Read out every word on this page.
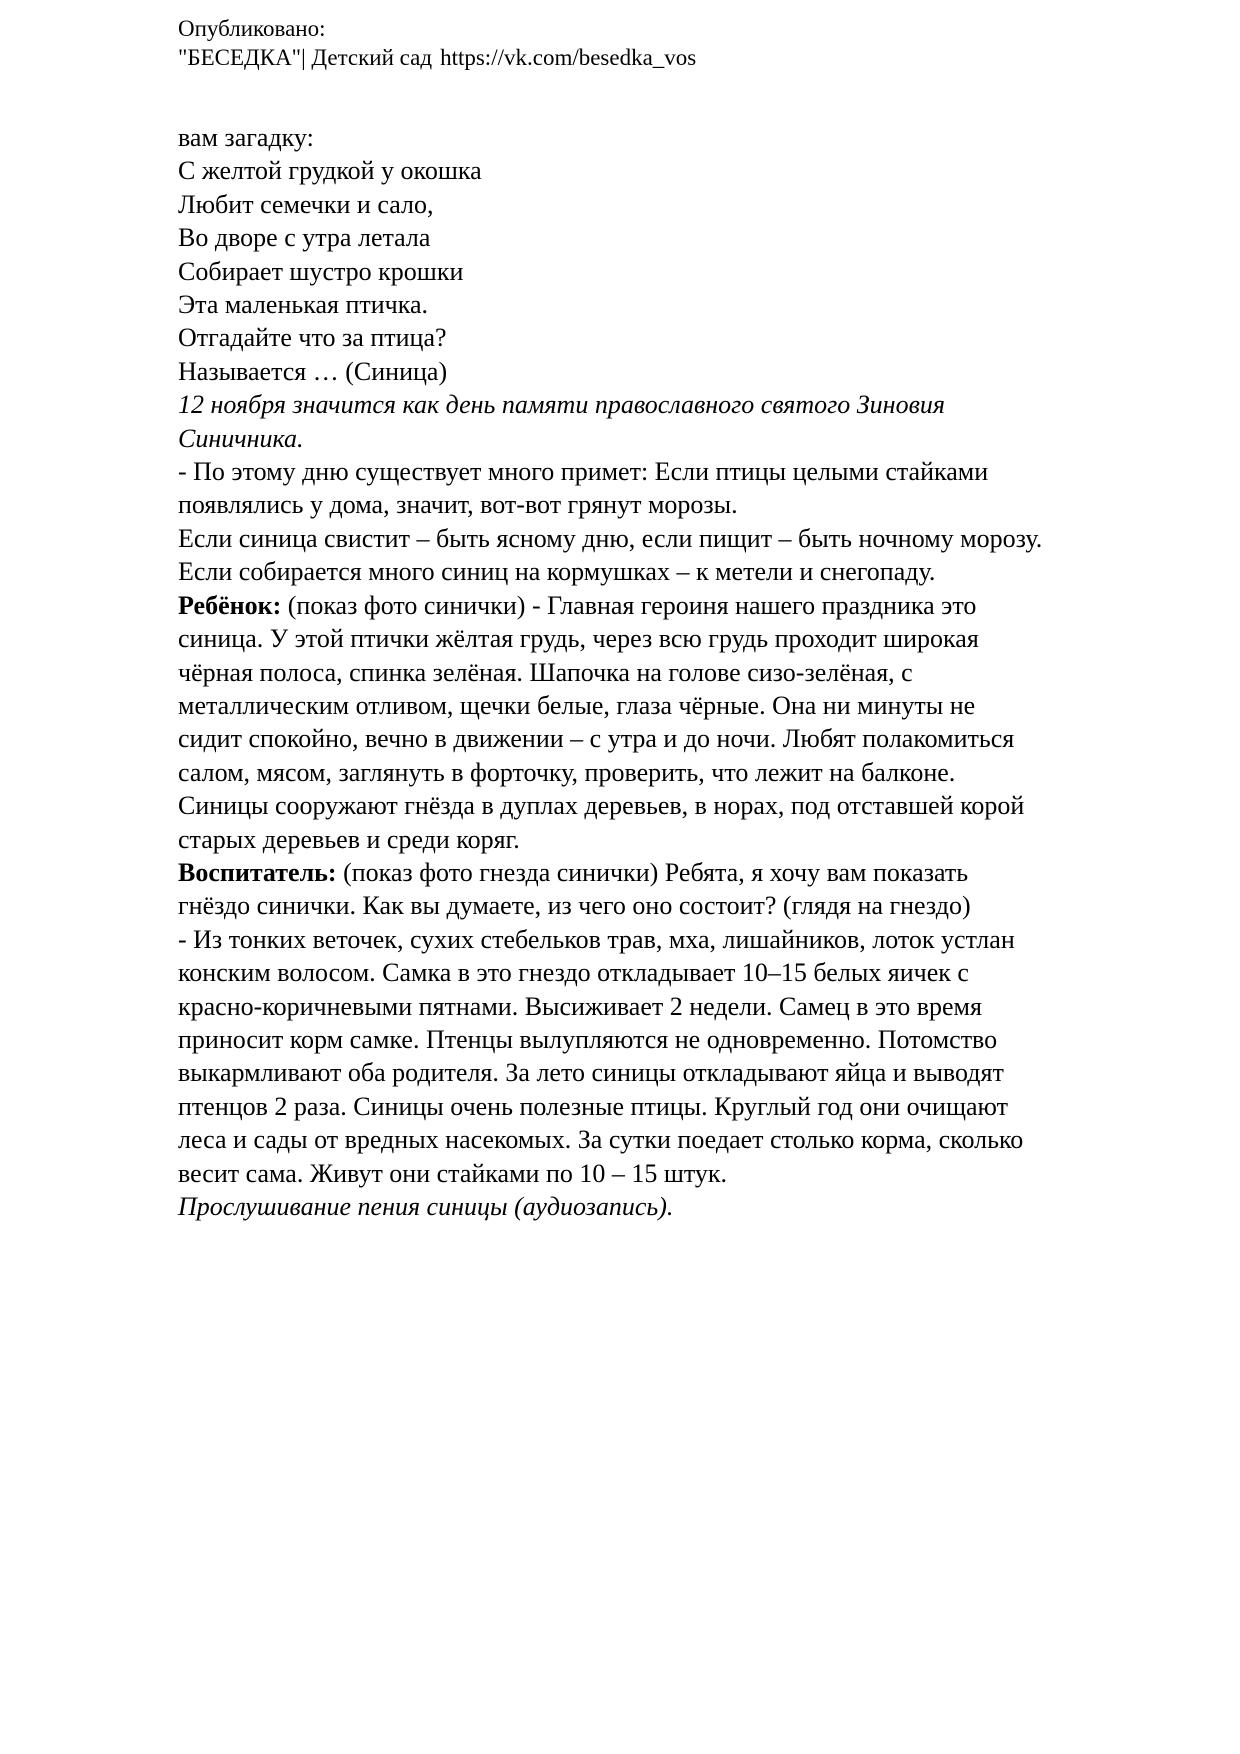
Опубликовано:
"БЕСЕДКА"| Детский сад https://vk.com/besedka_vos
вам загадку:
С желтой грудкой у окошка
Любит семечки и сало,
Во дворе с утра летала
Собирает шустро крошки
Эта маленькая птичка.
Отгадайте что за птица?
Называется … (Синица)
12 ноября значится как день памяти православного святого Зиновия
Синичника.
- По этому дню существует много примет: Если птицы целыми стайками
появлялись у дома, значит, вот-вот грянут морозы.
Если синица свистит – быть ясному дню, если пищит – быть ночному морозу.
Если собирается много синиц на кормушках – к метели и снегопаду.
Ребёнок: (показ фото синички) - Главная героиня нашего праздника это
синица. У этой птички жёлтая грудь, через всю грудь проходит широкая
чёрная полоса, спинка зелёная. Шапочка на голове сизо-зелёная, с
металлическим отливом, щечки белые, глаза чёрные. Она ни минуты не
сидит спокойно, вечно в движении – с утра и до ночи. Любят полакомиться
салом, мясом, заглянуть в форточку, проверить, что лежит на балконе.
Синицы сооружают гнёзда в дуплах деревьев, в норах, под отставшей корой
старых деревьев и среди коряг.
Воспитатель: (показ фото гнезда синички) Ребята, я хочу вам показать
гнёздо синички. Как вы думаете, из чего оно состоит? (глядя на гнездо)
- Из тонких веточек, сухих стебельков трав, мха, лишайников, лоток устлан
конским волосом. Самка в это гнездо откладывает 10–15 белых яичек с
красно-коричневыми пятнами. Высиживает 2 недели. Самец в это время
приносит корм самке. Птенцы вылупляются не одновременно. Потомство
выкармливают оба родителя. За лето синицы откладывают яйца и выводят
птенцов 2 раза. Синицы очень полезные птицы. Круглый год они очищают
леса и сады от вредных насекомых. За сутки поедает столько корма, сколько
весит сама. Живут они стайками по 10 – 15 штук.
Прослушивание пения синицы (аудиозапись).
